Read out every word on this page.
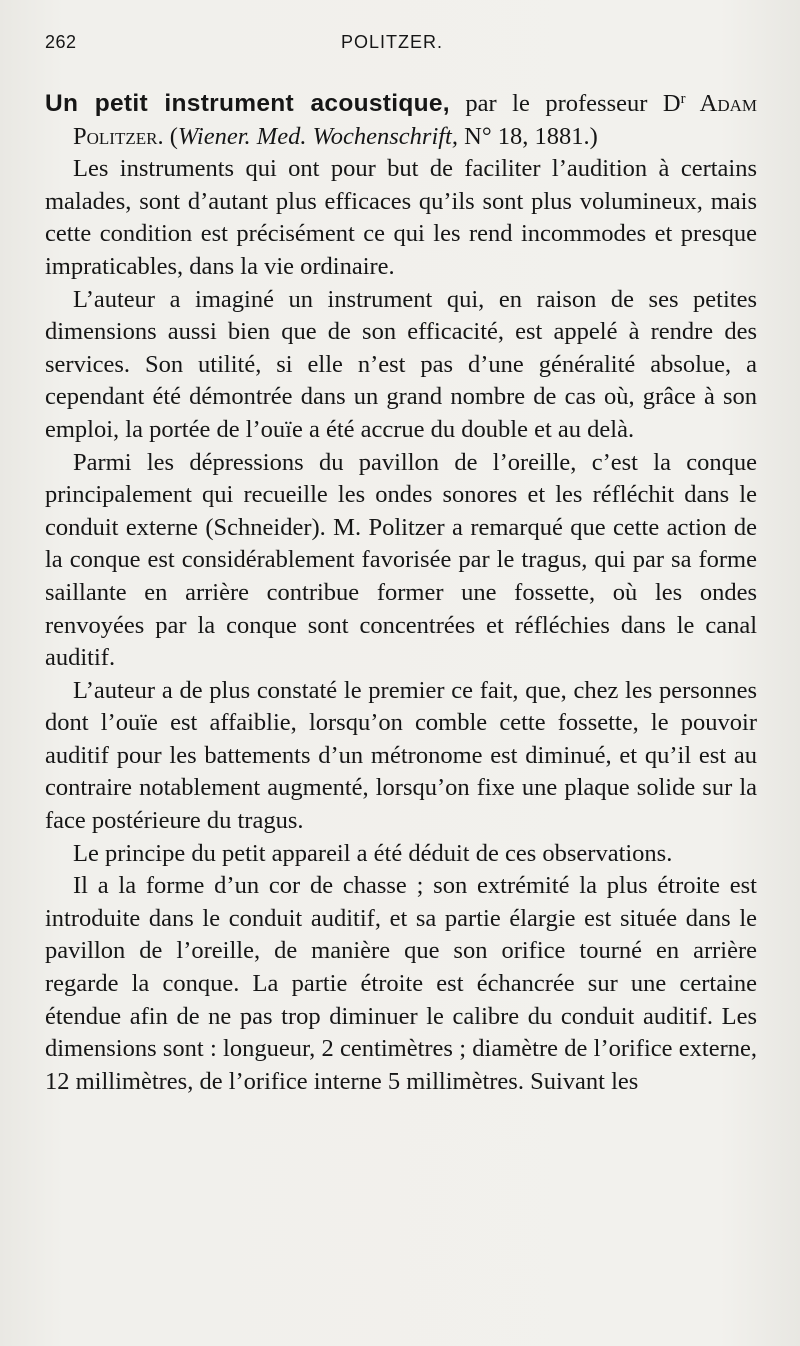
262	POLITZER.

Un petit instrument acoustique, par le professeur $D^r$ Adam Politzer. (Wiener. Med. Wochenschrift, N° 18, 1881.)

Les instruments qui ont pour but de faciliter l’audition à certains malades, sont d’autant plus efficaces qu’ils sont plus volumineux, mais cette condition est précisément ce qui les rend incommodes et presque impraticables, dans la vie ordinaire.

L’auteur a imaginé un instrument qui, en raison de ses petites dimensions aussi bien que de son efficacité, est appelé à rendre des services. Son utilité, si elle n’est pas d’une généralité absolue, a cependant été démontrée dans un grand nombre de cas où, grâce à son emploi, la portée de l’ouïe a été accrue du double et au delà.

Parmi les dépressions du pavillon de l’oreille, c’est la conque principalement qui recueille les ondes sonores et les réfléchit dans le conduit externe (Schneider). M. Politzer a remarqué que cette action de la conque est considérablement favorisée par le tragus, qui par sa forme saillante en arrière contribue former une fossette, où les ondes renvoyées par la conque sont concentrées et réfléchies dans le canal auditif.

L’auteur a de plus constaté le premier ce fait, que, chez les personnes dont l’ouïe est affaiblie, lorsqu’on comble cette fossette, le pouvoir auditif pour les battements d’un métronome est diminué, et qu’il est au contraire notablement augmenté, lorsqu’on fixe une plaque solide sur la face postérieure du tragus.

Le principe du petit appareil a été déduit de ces observations.

Il a la forme d’un cor de chasse ; son extrémité la plus étroite est introduite dans le conduit auditif, et sa partie élargie est située dans le pavillon de l’oreille, de manière que son orifice tourné en arrière regarde la conque. La partie étroite est échancrée sur une certaine étendue afin de ne pas trop diminuer le calibre du conduit auditif. Les dimensions sont : longueur, 2 centimètres ; diamètre de l’orifice externe, 12 millimètres, de l’orifice interne 5 millimètres. Suivant les
